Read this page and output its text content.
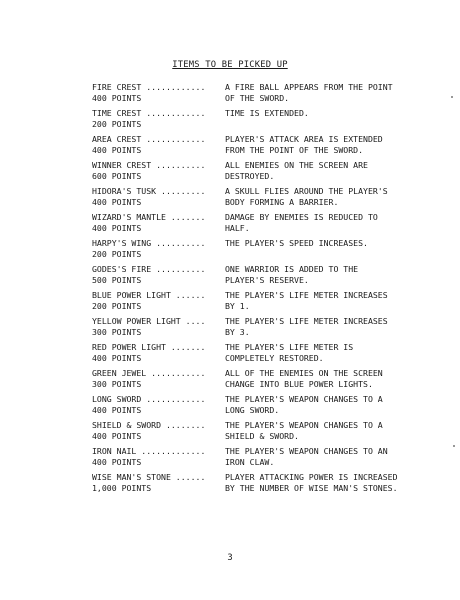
ITEMS TO BE PICKED UP
FIRE CREST ............
400 POINTS
A FIRE BALL APPEARS FROM THE POINT
OF THE SWORD.
TIME CREST ............
200 POINTS
TIME IS EXTENDED.
AREA CREST ............
400 POINTS
PLAYER'S ATTACK AREA IS EXTENDED
FROM THE POINT OF THE SWORD.
WINNER CREST ..........
600 POINTS
ALL ENEMIES ON THE SCREEN ARE
DESTROYED.
HIDORA'S TUSK .........
400 POINTS
A SKULL FLIES AROUND THE PLAYER'S
BODY FORMING A BARRIER.
WIZARD'S MANTLE .......
400 POINTS
DAMAGE BY ENEMIES IS REDUCED TO
HALF.
HARPY'S WING ..........
200 POINTS
THE PLAYER'S SPEED INCREASES.
GODES'S FIRE ..........
500 POINTS
ONE WARRIOR IS ADDED TO THE
PLAYER'S RESERVE.
BLUE POWER LIGHT ......
200 POINTS
THE PLAYER'S LIFE METER INCREASES
BY 1.
YELLOW POWER LIGHT ....
300 POINTS
THE PLAYER'S LIFE METER INCREASES
BY 3.
RED POWER LIGHT .......
400 POINTS
THE PLAYER'S LIFE METER IS
COMPLETELY RESTORED.
GREEN JEWEL ...........
300 POINTS
ALL OF THE ENEMIES ON THE SCREEN
CHANGE INTO BLUE POWER LIGHTS.
LONG SWORD ............
400 POINTS
THE PLAYER'S WEAPON CHANGES TO A
LONG SWORD.
SHIELD & SWORD ........
400 POINTS
THE PLAYER'S WEAPON CHANGES TO A
SHIELD & SWORD.
IRON NAIL .............
400 POINTS
THE PLAYER'S WEAPON CHANGES TO AN
IRON CLAW.
WISE MAN'S STONE ......
1,000 POINTS
PLAYER ATTACKING POWER IS INCREASED
BY THE NUMBER OF WISE MAN'S STONES.
3
